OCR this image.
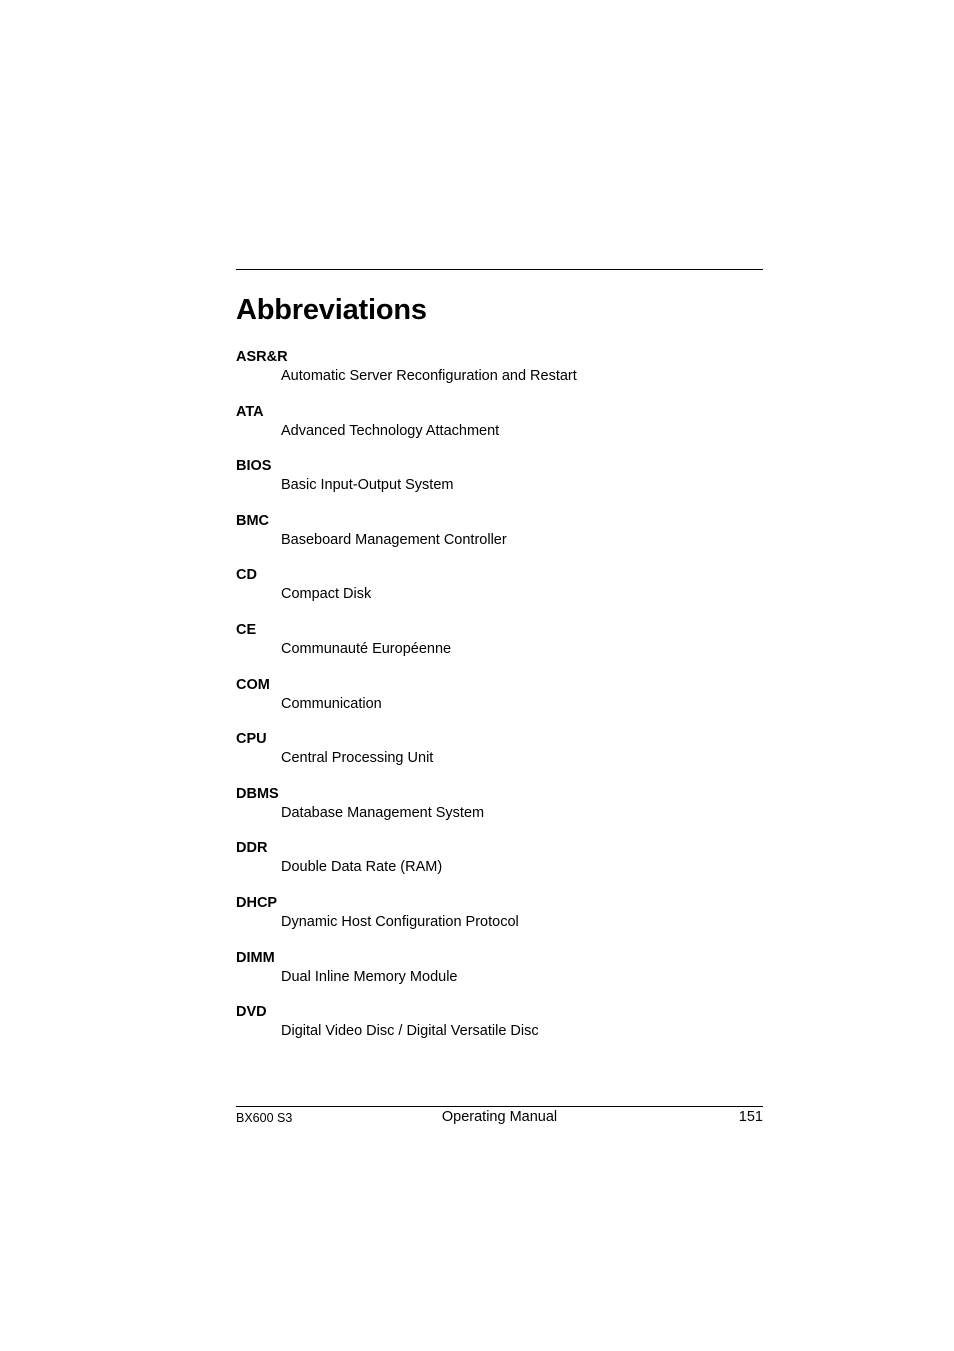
Abbreviations
ASR&R
Automatic Server Reconfiguration and Restart
ATA
Advanced Technology Attachment
BIOS
Basic Input-Output System
BMC
Baseboard Management Controller
CD
Compact Disk
CE
Communauté Européenne
COM
Communication
CPU
Central Processing Unit
DBMS
Database Management System
DDR
Double Data Rate (RAM)
DHCP
Dynamic Host Configuration Protocol
DIMM
Dual Inline Memory Module
DVD
Digital Video Disc / Digital Versatile Disc
BX600 S3	Operating Manual	151
